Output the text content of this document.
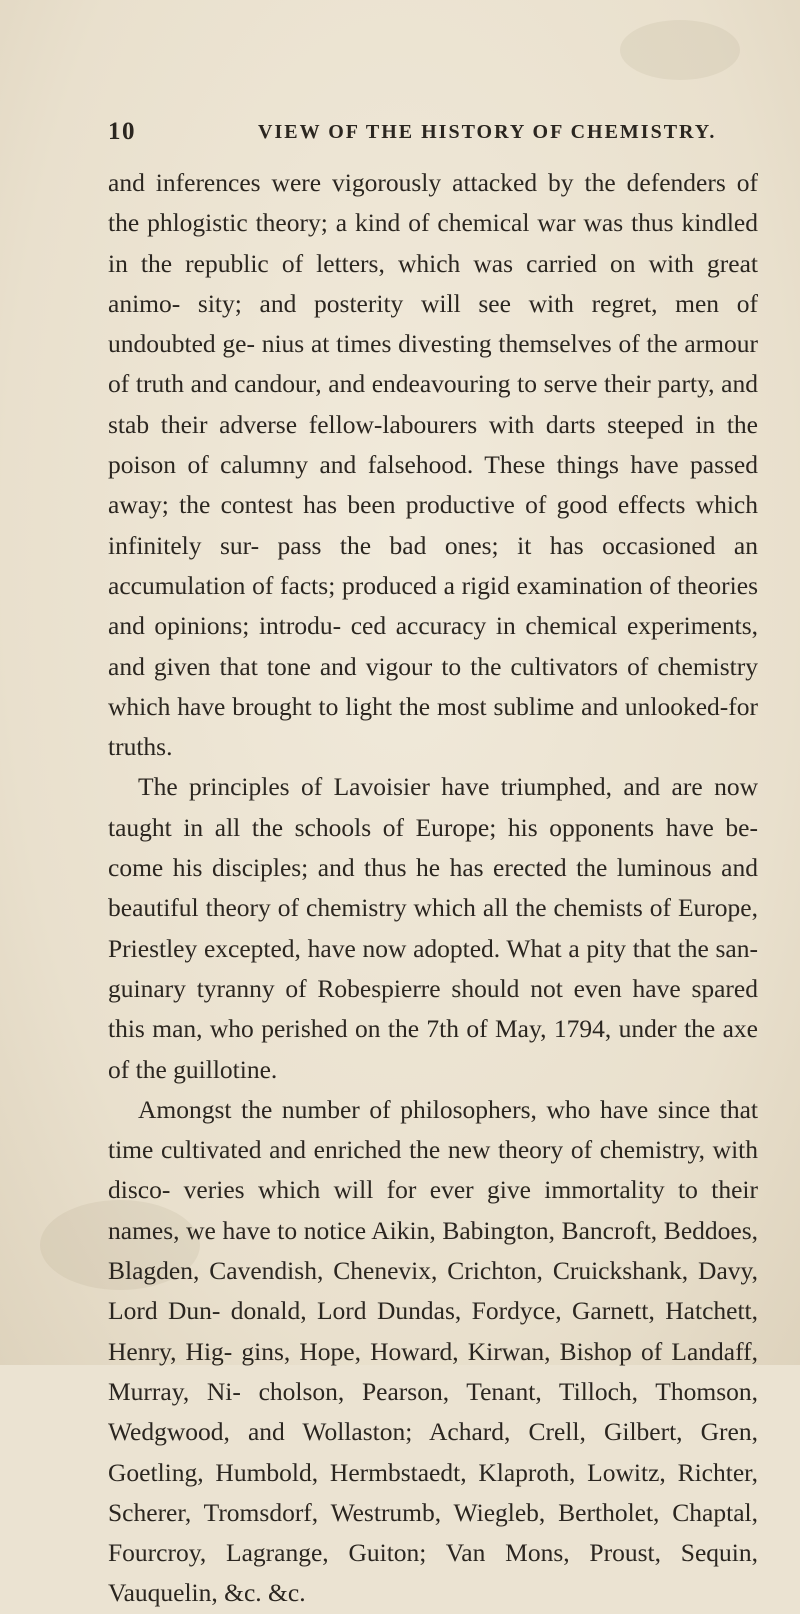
10	VIEW OF THE HISTORY OF CHEMISTRY.

and inferences were vigorously attacked by the defenders of the phlogistic theory; a kind of chemical war was thus kindled in the republic of letters, which was carried on with great animo- sity; and posterity will see with regret, men of undoubted ge- nius at times divesting themselves of the armour of truth and candour, and endeavouring to serve their party, and stab their adverse fellow-labourers with darts steeped in the poison of calumny and falsehood. These things have passed away; the contest has been productive of good effects which infinitely sur- pass the bad ones; it has occasioned an accumulation of facts; produced a rigid examination of theories and opinions; introdu- ced accuracy in chemical experiments, and given that tone and vigour to the cultivators of chemistry which have brought to light the most sublime and unlooked-for truths.

The principles of Lavoisier have triumphed, and are now taught in all the schools of Europe; his opponents have be- come his disciples; and thus he has erected the luminous and beautiful theory of chemistry which all the chemists of Europe, Priestley excepted, have now adopted. What a pity that the san- guinary tyranny of Robespierre should not even have spared this man, who perished on the 7th of May, 1794, under the axe of the guillotine.

Amongst the number of philosophers, who have since that time cultivated and enriched the new theory of chemistry, with disco- veries which will for ever give immortality to their names, we have to notice Aikin, Babington, Bancroft, Beddoes, Blagden, Cavendish, Chenevix, Crichton, Cruickshank, Davy, Lord Dun- donald, Lord Dundas, Fordyce, Garnett, Hatchett, Henry, Hig- gins, Hope, Howard, Kirwan, Bishop of Landaff, Murray, Ni- cholson, Pearson, Tenant, Tilloch, Thomson, Wedgwood, and Wollaston; Achard, Crell, Gilbert, Gren, Goetling, Humbold, Hermbstaedt, Klaproth, Lowitz, Richter, Scherer, Tromsdorf, Westrumb, Wiegleb, Bertholet, Chaptal, Fourcroy, Lagrange, Guiton; Van Mons, Proust, Sequin, Vauquelin, &c. &c.
